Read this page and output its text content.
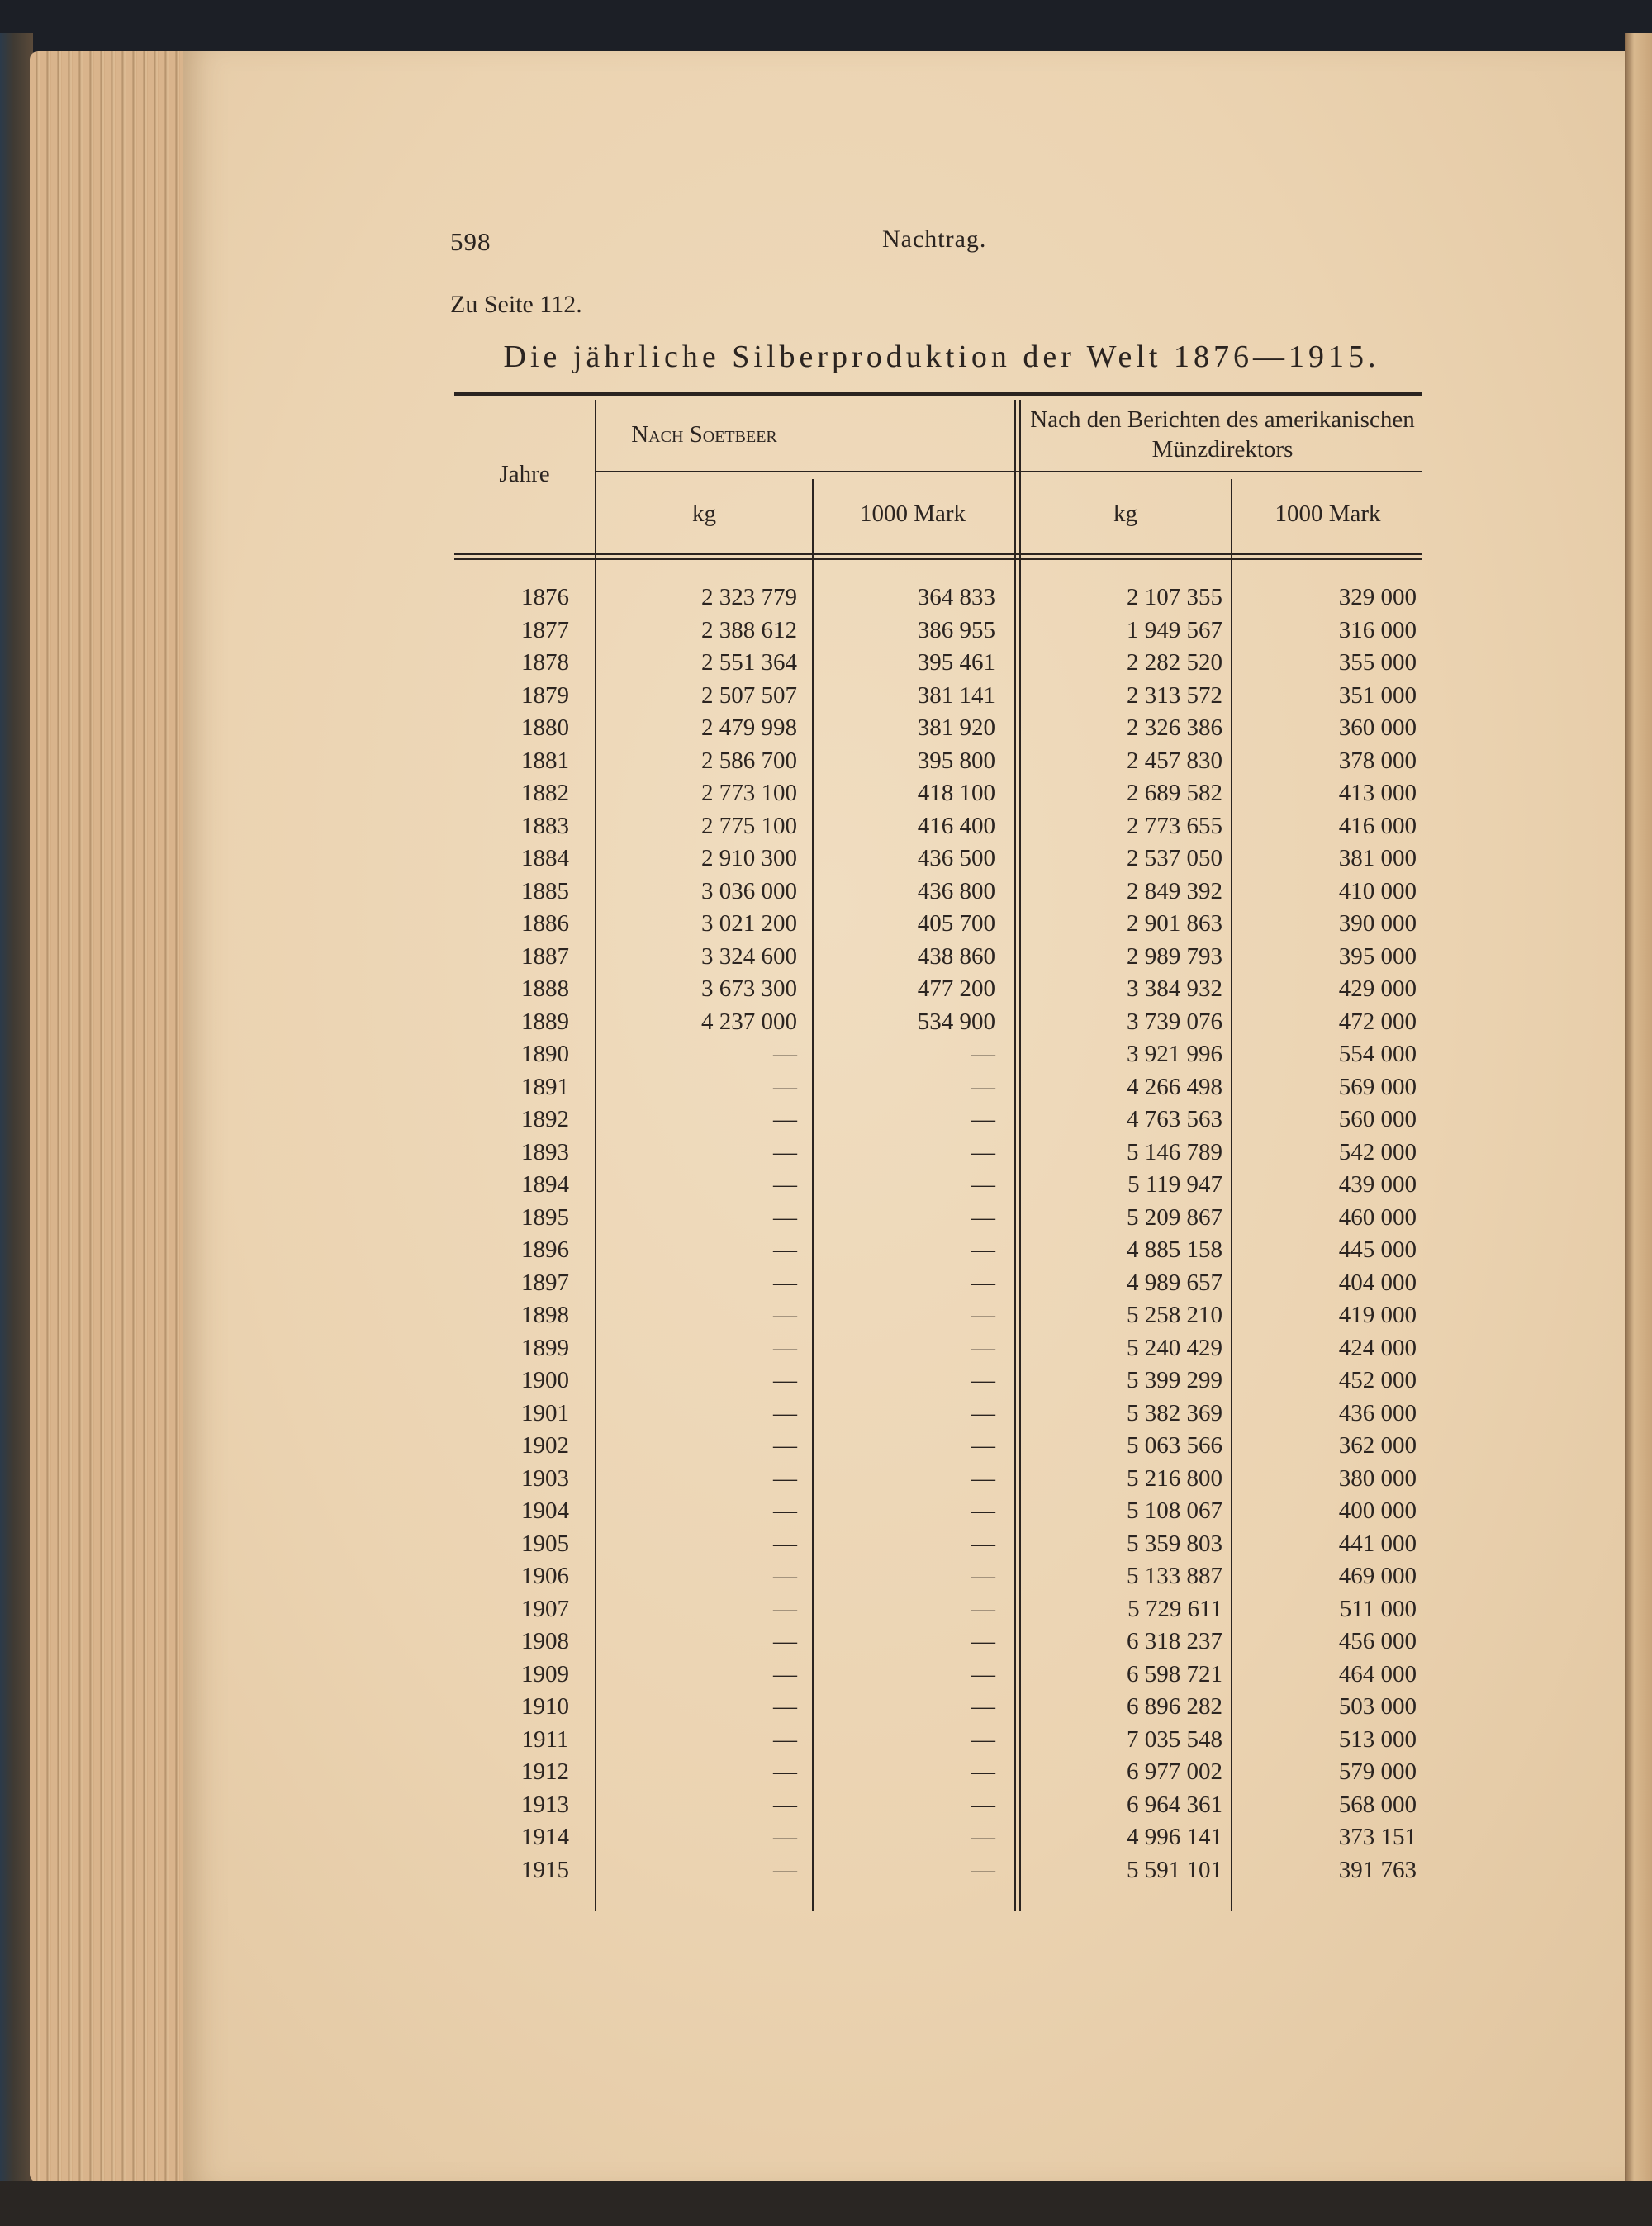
598	Nachtrag.
Zu Seite 112.
Die jährliche Silberproduktion der Welt 1876—1915.
Jahre
Nach Soetbeer
Nach den Berichten des amerikanischen Münzdirektors
kg	1000 Mark	kg	1000 Mark
1876	2 323 779	364 833	2 107 355	329 000
1877	2 388 612	386 955	1 949 567	316 000
1878	2 551 364	395 461	2 282 520	355 000
1879	2 507 507	381 141	2 313 572	351 000
1880	2 479 998	381 920	2 326 386	360 000
1881	2 586 700	395 800	2 457 830	378 000
1882	2 773 100	418 100	2 689 582	413 000
1883	2 775 100	416 400	2 773 655	416 000
1884	2 910 300	436 500	2 537 050	381 000
1885	3 036 000	436 800	2 849 392	410 000
1886	3 021 200	405 700	2 901 863	390 000
1887	3 324 600	438 860	2 989 793	395 000
1888	3 673 300	477 200	3 384 932	429 000
1889	4 237 000	534 900	3 739 076	472 000
1890	—	—	3 921 996	554 000
1891	—	—	4 266 498	569 000
1892	—	—	4 763 563	560 000
1893	—	—	5 146 789	542 000
1894	—	—	5 119 947	439 000
1895	—	—	5 209 867	460 000
1896	—	—	4 885 158	445 000
1897	—	—	4 989 657	404 000
1898	—	—	5 258 210	419 000
1899	—	—	5 240 429	424 000
1900	—	—	5 399 299	452 000
1901	—	—	5 382 369	436 000
1902	—	—	5 063 566	362 000
1903	—	—	5 216 800	380 000
1904	—	—	5 108 067	400 000
1905	—	—	5 359 803	441 000
1906	—	—	5 133 887	469 000
1907	—	—	5 729 611	511 000
1908	—	—	6 318 237	456 000
1909	—	—	6 598 721	464 000
1910	—	—	6 896 282	503 000
1911	—	—	7 035 548	513 000
1912	—	—	6 977 002	579 000
1913	—	—	6 964 361	568 000
1914	—	—	4 996 141	373 151
1915	—	—	5 591 101	391 763
